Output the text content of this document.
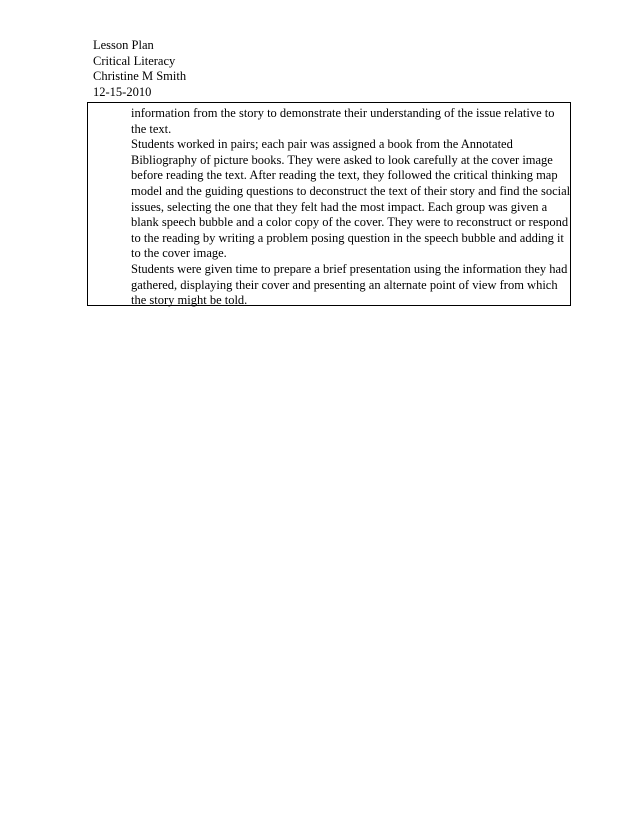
Lesson Plan
Critical Literacy
Christine M Smith
12-15-2010

information from the story to demonstrate their understanding of the issue relative to the text.

Students worked in pairs; each pair was assigned a book from the Annotated Bibliography of picture books. They were asked to look carefully at the cover image before reading the text. After reading the text, they followed the critical thinking map model and the guiding questions to deconstruct the text of their story and find the social issues, selecting the one that they felt had the most impact. Each group was given a blank speech bubble and a color copy of the cover. They were to reconstruct or respond to the reading by writing a problem posing question in the speech bubble and adding it to the cover image.

Students were given time to prepare a brief presentation using the information they had gathered, displaying their cover and presenting an alternate point of view from which the story might be told.
